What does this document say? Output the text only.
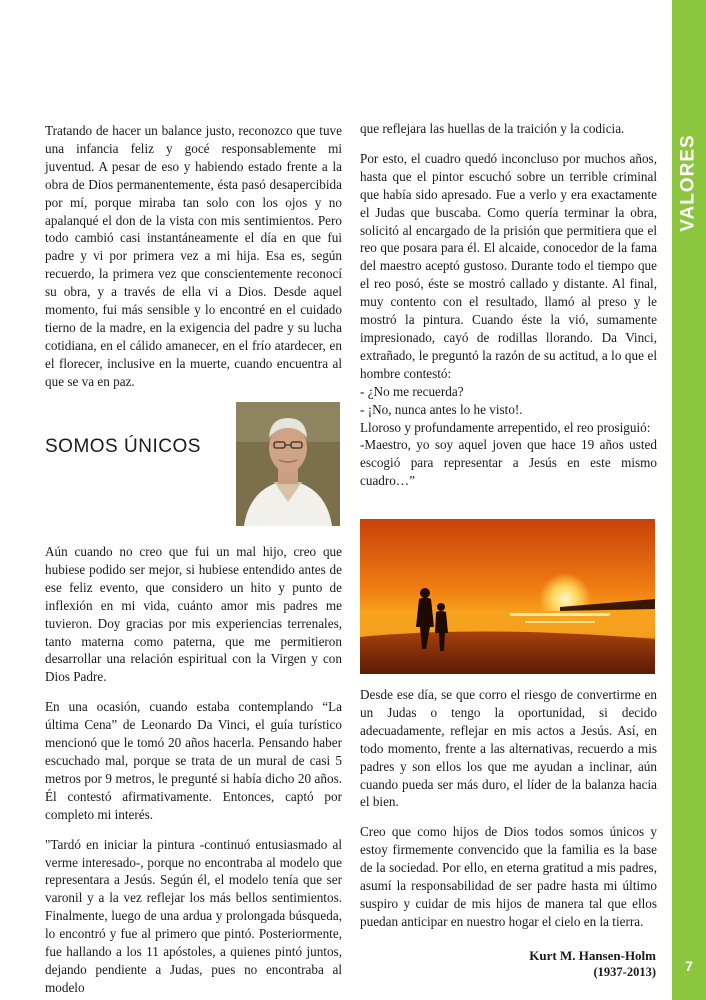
VALORES
7

Tratando de hacer un balance justo, reconozco que tuve una infancia feliz y gocé responsablemente mi juventud. A pesar de eso y habiendo estado frente a la obra de Dios permanentemente, ésta pasó desapercibida por mí, porque miraba tan solo con los ojos y no apalanqué el don de la vista con mis sentimientos. Pero todo cambió casi instantáneamente el día en que fui padre y vi por primera vez a mi hija. Esa es, según recuerdo, la primera vez que conscientemente reconocí su obra, y a través de ella vi a Dios. Desde aquel momento, fui más sensible y lo encontré en el cuidado tierno de la madre, en la exigencia del padre y su lucha cotidiana, en el cálido amanecer, en el frío atardecer, en el florecer, inclusive en la muerte, cuando encuentra al que se va en paz.

SOMOS ÚNICOS

Aún cuando no creo que fui un mal hijo, creo que hubiese podido ser mejor, si hubiese entendido antes de ese feliz evento, que considero un hito y punto de inflexión en mi vida, cuánto amor mis padres me tuvieron. Doy gracias por mis experiencias terrenales, tanto materna como paterna, que me permitieron desarrollar una relación espiritual con la Virgen y con Dios Padre.

En una ocasión, cuando estaba contemplando “La última Cena” de Leonardo Da Vinci, el guía turístico mencionó que le tomó 20 años hacerla. Pensando haber escuchado mal, porque se trata de un mural de casi 5 metros por 9 metros, le pregunté si había dicho 20 años. Él contestó afirmativamente. Entonces, captó por completo mi interés.

"Tardó en iniciar la pintura -continuó entusiasmado al verme interesado-, porque no encontraba al modelo que representara a Jesús. Según él, el modelo tenía que ser varonil y a la vez reflejar los más bellos sentimientos. Finalmente, luego de una ardua y prolongada búsqueda, lo encontró y fue al primero que pintó. Posteriormente, fue hallando a los 11 apóstoles, a quienes pintó juntos, dejando pendiente a Judas, pues no encontraba al modelo

que reflejara las huellas de la traición y la codicia.

Por esto, el cuadro quedó inconcluso por muchos años, hasta que el pintor escuchó sobre un terrible criminal que había sido apresado. Fue a verlo y era exactamente el Judas que buscaba. Como quería terminar la obra, solicitó al encargado de la prisión que permitiera que el reo que posara para él. El alcaide, conocedor de la fama del maestro aceptó gustoso. Durante todo el tiempo que el reo posó, éste se mostró callado y distante. Al final, muy contento con el resultado, llamó al preso y le mostró la pintura. Cuando éste la vió, sumamente impresionado, cayó de rodillas llorando. Da Vinci, extrañado, le preguntó la razón de su actitud, a lo que el hombre contestó:
- ¿No me recuerda?
- ¡No, nunca antes lo he visto!.
Lloroso y profundamente arrepentido, el reo prosiguió:
-Maestro, yo soy aquel joven que hace 19 años usted escogió para representar a Jesús en este mismo cuadro…”

Desde ese día, se que corro el riesgo de convertirme en un Judas o tengo la oportunidad, si decido adecuadamente, reflejar en mis actos a Jesús. Así, en todo momento, frente a las alternativas, recuerdo a mis padres y son ellos los que me ayudan a inclinar, aún cuando pueda ser más duro, el líder de la balanza hacia el bien.

Creo que como hijos de Dios todos somos únicos y estoy firmemente convencido que la familia es la base de la sociedad. Por ello, en eterna gratitud a mis padres, asumí la responsabilidad de ser padre hasta mi último suspiro y cuidar de mis hijos de manera tal que ellos puedan anticipar en nuestro hogar el cielo en la tierra.

Kurt M. Hansen-Holm
(1937-2013)
